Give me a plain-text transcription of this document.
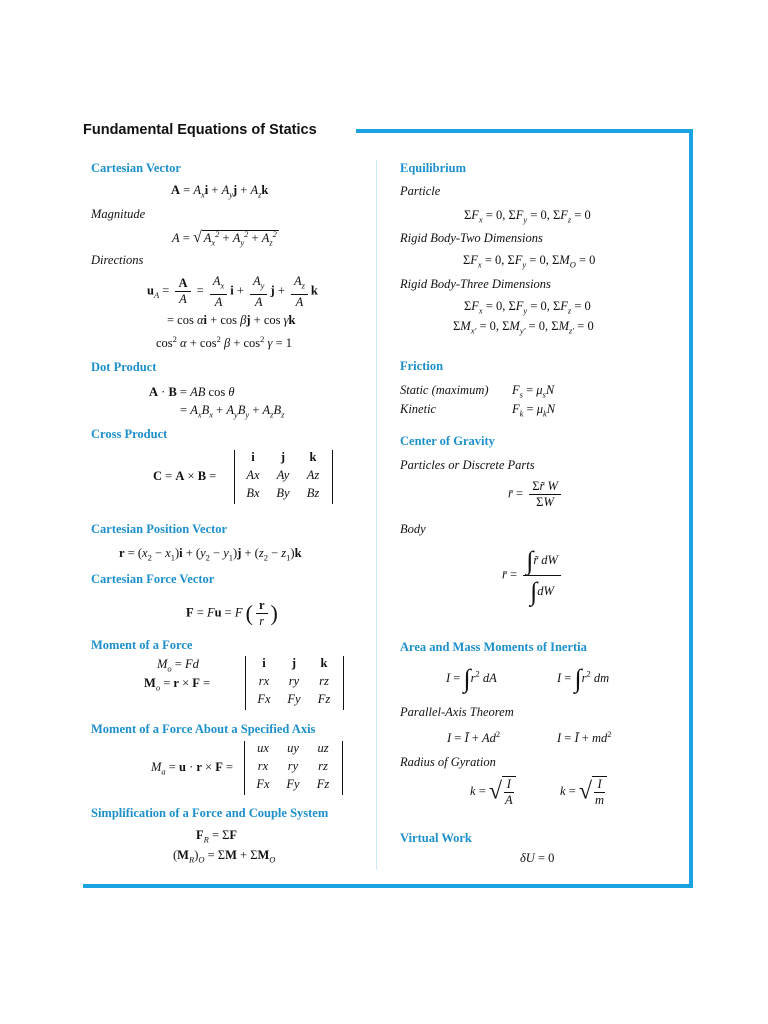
Fundamental Equations of Statics
Cartesian Vector
$A = A_xi + A_yj + A_zk$
Magnitude
A = √ $A_x^2 + A_y^2 + A_z^2$
Directions
$u_A = \frac{A}{A} = \frac{A_x}{A}$ $i + \frac{A_y}{A}$ $j + \frac{A_z}{A}$ k
= cos αi + cos βj + cos γk
$\cos^2 \alpha + \cos^2 \beta + \cos^2 \gamma = 1$
Dot Product
A · B = AB cos θ
= $A_xB_x + A_yB_y + A_zB_z$
Cross Product
C = A × B =
i	j	k
Ax	Ay	Az
Bx	By	Bz
Cartesian Position Vector
$r = (x_2 - x_1)i + (y_2 - y_1)j + (z_2 - z_1)k$
Cartesian Force Vector
F = Fu = F ( $\frac{r}{r}$ )
Moment of a Force
$M_o = Fd$
$M_o = r \times F$ =
i	j	k
rx	ry	rz
Fx	Fy	Fz
Moment of a Force About a Specified Axis
$M_a = u \cdot r \times F$ =
ux	uy	uz
rx	ry	rz
Fx	Fy	Fz
Simplification of a Force and Couple System
$F_R = \Sigma F$
$(M_R)_O = \Sigma M + \Sigma M_O$
Equilibrium
Particle
$\Sigma F_x = 0$, $\Sigma F_y = 0$, $\Sigma F_z = 0$
Rigid Body-Two Dimensions
$\Sigma F_x = 0$, $\Sigma F_y = 0$, $\Sigma M_O = 0$
Rigid Body-Three Dimensions
$\Sigma F_x = 0$, $\Sigma F_y = 0$, $\Sigma F_z = 0$
$\Sigma M_{x'} = 0$, $\Sigma M_{y'} = 0$, $\Sigma M_{z'} = 0$
Friction
Static (maximum) $F_s = \mu_sN$
Kinetic	$F_k = \mu_kN$
Center of Gravity
Particles or Discrete Parts
r̄ = $\frac{\Sigma r̃ W}{\Sigma W}$
Body
r̄ = $\frac{\int r̃ dW}{\int dW}$
Area and Mass Moments of Inertia
$I = \int r^2$ dA	$I = \int r^2$ dm
Parallel-Axis Theorem
I = Ī + $Ad^2$	I = Ī + $md^2$
Radius of Gyration
k = √ $\frac{I}{A}$	k = √ $\frac{I}{m}$
Virtual Work
δU = 0
